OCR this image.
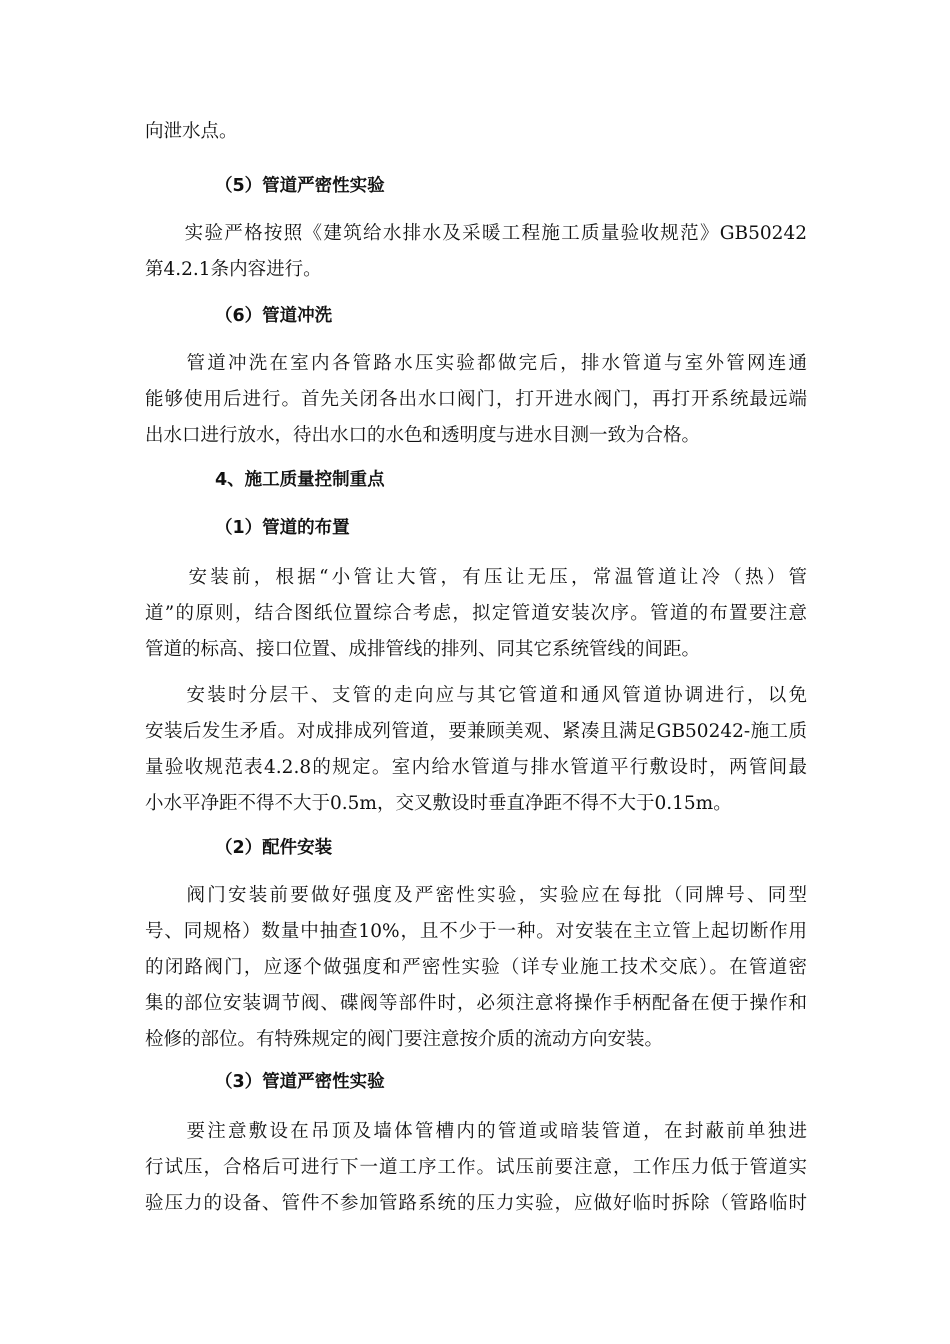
向泄水点。
（5）管道严密性实验
　　实验严格按照《建筑给水排水及采暖工程施工质量验收规范》GB50242
第4.2.1条内容进行。
（6）管道冲洗
　　管道冲洗在室内各管路水压实验都做完后，排水管道与室外管网连通
能够使用后进行。首先关闭各出水口阀门，打开进水阀门，再打开系统最远端
出水口进行放水，待出水口的水色和透明度与进水目测一致为合格。
4、施工质量控制重点
（1）管道的布置
　　安装前，根据“小管让大管，有压让无压，常温管道让冷（热）管
道”的原则，结合图纸位置综合考虑，拟定管道安装次序。管道的布置要注意
管道的标高、接口位置、成排管线的排列、同其它系统管线的间距。
　　安装时分层干、支管的走向应与其它管道和通风管道协调进行，以免
安装后发生矛盾。对成排成列管道，要兼顾美观、紧凑且满足GB50242-施工质
量验收规范表4.2.8的规定。室内给水管道与排水管道平行敷设时，两管间最
小水平净距不得不大于0.5m，交叉敷设时垂直净距不得不大于0.15m。
（2）配件安装
　　阀门安装前要做好强度及严密性实验，实验应在每批（同牌号、同型
号、同规格）数量中抽查10%，且不少于一种。对安装在主立管上起切断作用
的闭路阀门，应逐个做强度和严密性实验（详专业施工技术交底）。在管道密
集的部位安装调节阀、碟阀等部件时，必须注意将操作手柄配备在便于操作和
检修的部位。有特殊规定的阀门要注意按介质的流动方向安装。
（3）管道严密性实验
　　要注意敷设在吊顶及墙体管槽内的管道或暗装管道，在封蔽前单独进
行试压，合格后可进行下一道工序工作。试压前要注意，工作压力低于管道实
验压力的设备、管件不参加管路系统的压力实验，应做好临时拆除（管路临时
